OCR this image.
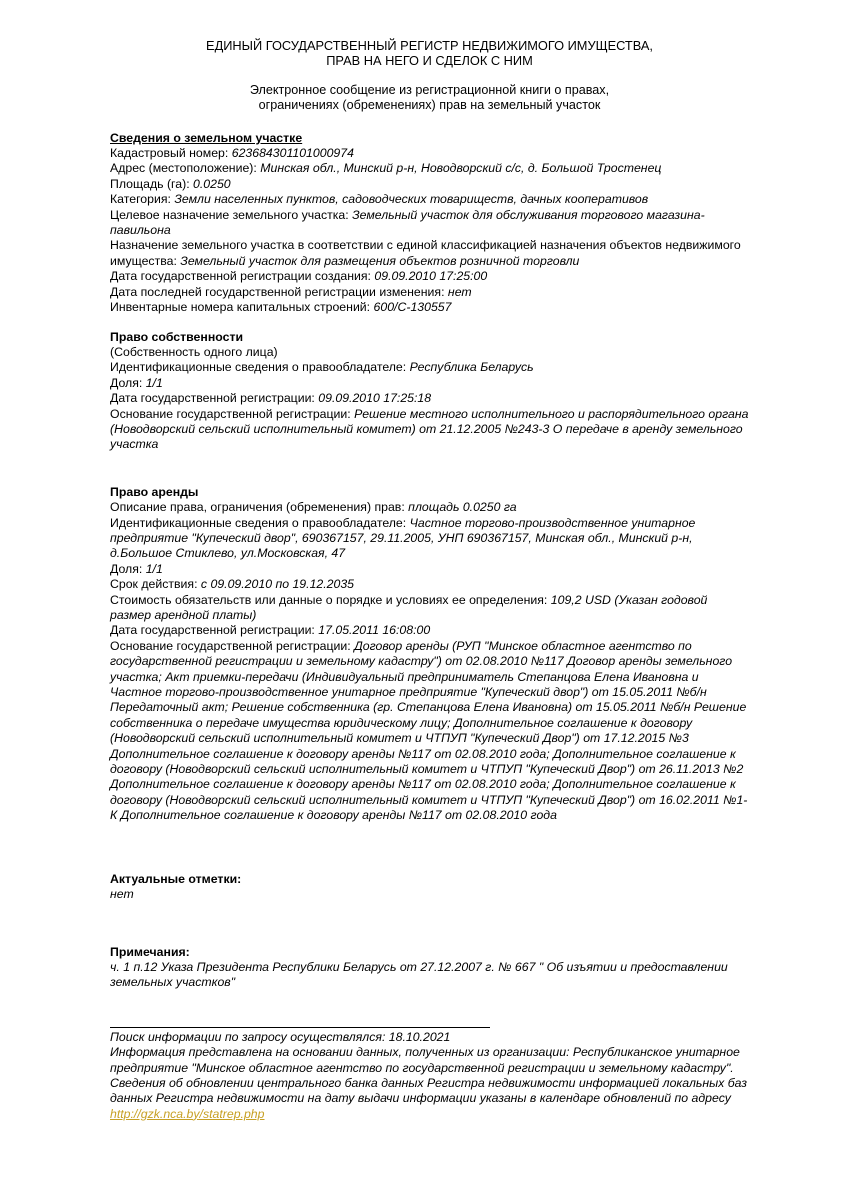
ЕДИНЫЙ ГОСУДАРСТВЕННЫЙ РЕГИСТР НЕДВИЖИМОГО ИМУЩЕСТВА,
ПРАВ НА НЕГО И СДЕЛОК С НИМ
Электронное сообщение из регистрационной книги о правах,
ограничениях (обременениях) прав на земельный участок
Сведения о земельном участке
Кадастровый номер: 623684301101000974
Адрес (местоположение): Минская обл., Минский р-н, Новодворский с/с, д. Большой Тростенец
Площадь (га): 0.0250
Категория: Земли населенных пунктов, садоводческих товариществ, дачных кооперативов
Целевое назначение земельного участка: Земельный участок для обслуживания торгового магазина-павильона
Назначение земельного участка в соответствии с единой классификацией назначения объектов недвижимого имущества: Земельный участок для размещения объектов розничной торговли
Дата государственной регистрации создания: 09.09.2010 17:25:00
Дата последней государственной регистрации изменения: нет
Инвентарные номера капитальных строений: 600/C-130557
Право собственности
(Собственность одного лица)
Идентификационные сведения о правообладателе: Республика Беларусь
Доля: 1/1
Дата государственной регистрации: 09.09.2010 17:25:18
Основание государственной регистрации: Решение местного исполнительного и распорядительного органа (Новодворский сельский исполнительный комитет) от 21.12.2005 №243-3 О передаче в аренду земельного участка
Право аренды
Описание права, ограничения (обременения) прав: площадь 0.0250 га
Идентификационные сведения о правообладателе: Частное торгово-производственное унитарное предприятие "Купеческий двор", 690367157, 29.11.2005, УНП 690367157, Минская обл., Минский р-н, д.Большое Стиклево, ул.Московская, 47
Доля: 1/1
Срок действия: с 09.09.2010 по 19.12.2035
Стоимость обязательств или данные о порядке и условиях ее определения: 109,2 USD (Указан годовой размер арендной платы)
Дата государственной регистрации: 17.05.2011 16:08:00
Основание государственной регистрации: Договор аренды (РУП "Минское областное агентство по государственной регистрации и земельному кадастру") от 02.08.2010 №117 Договор аренды земельного участка; Акт приемки-передачи (Индивидуальный предприниматель Степанцова Елена Ивановна и Частное торгово-производственное унитарное предприятие "Купеческий двор") от 15.05.2011 №б/н Передаточный акт; Решение собственника (гр. Степанцова Елена Ивановна) от 15.05.2011 №б/н Решение собственника о передаче имущества юридическому лицу; Дополнительное соглашение к договору (Новодворский сельский исполнительный комитет и ЧТПУП "Купеческий Двор") от 17.12.2015 №3 Дополнительное соглашение к договору аренды №117 от 02.08.2010 года; Дополнительное соглашение к договору (Новодворский сельский исполнительный комитет и ЧТПУП "Купеческий Двор") от 26.11.2013 №2 Дополнительное соглашение к договору аренды №117 от 02.08.2010 года; Дополнительное соглашение к договору (Новодворский сельский исполнительный комитет и ЧТПУП "Купеческий Двор") от 16.02.2011 №1-К Дополнительное соглашение к договору аренды №117 от 02.08.2010 года
Актуальные отметки:
нет
Примечания:
ч. 1 п.12 Указа Президента Республики Беларусь от 27.12.2007 г. № 667 " Об изъятии и предоставлении земельных участков"
Поиск информации по запросу осуществлялся: 18.10.2021
Информация представлена на основании данных, полученных из организации: Республиканское унитарное предприятие "Минское областное агентство по государственной регистрации и земельному кадастру". Сведения об обновлении центрального банка данных Регистра недвижимости информацией локальных баз данных Регистра недвижимости на дату выдачи информации указаны в календаре обновлений по адресу http://gzk.nca.by/statrep.php
